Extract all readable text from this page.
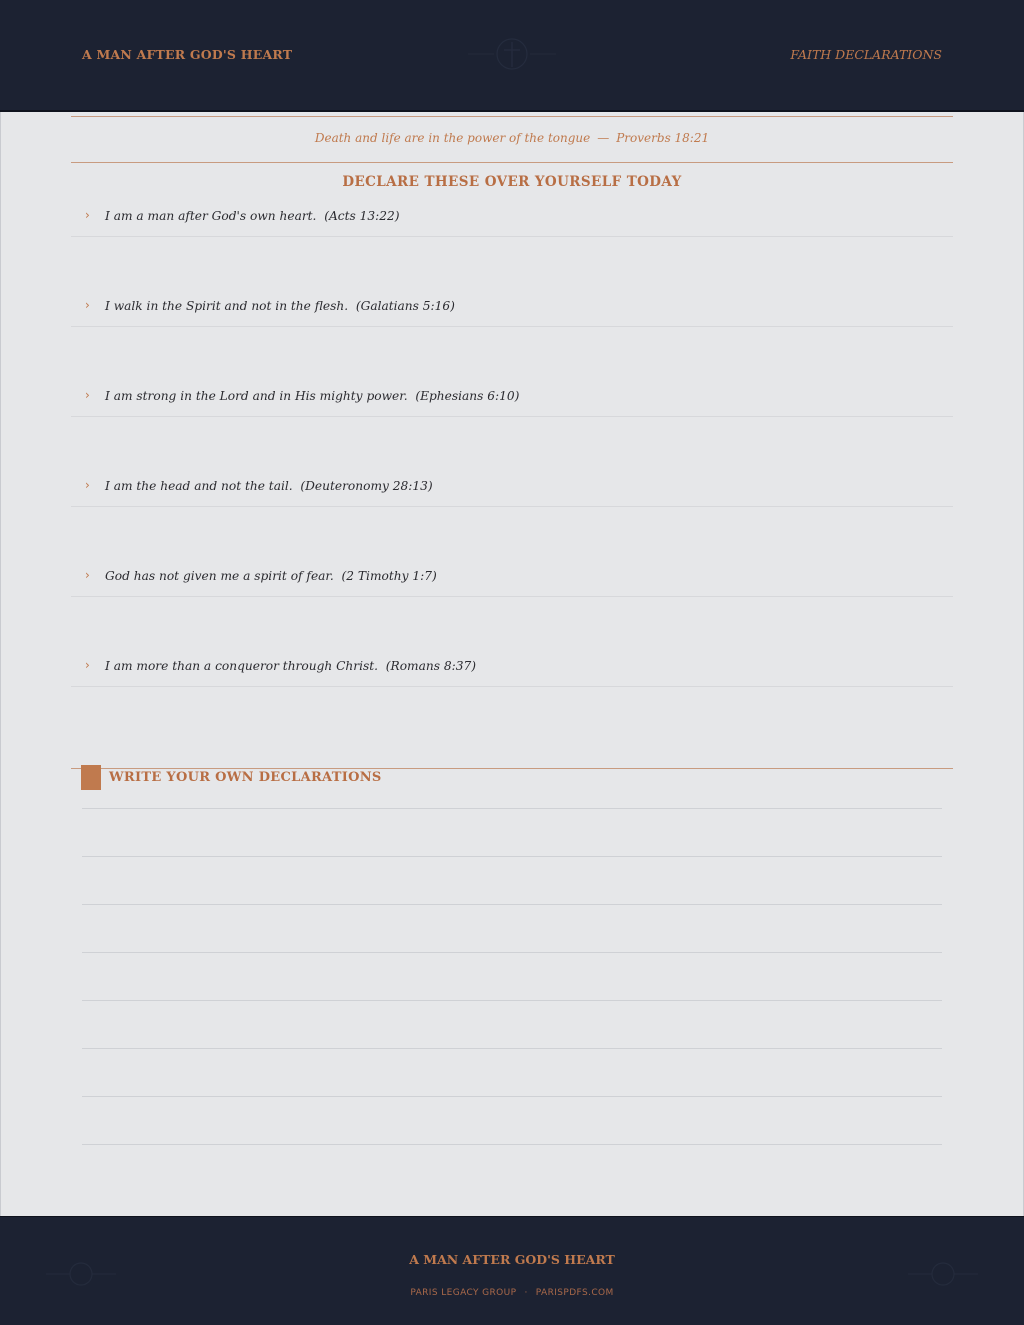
A MAN AFTER GOD'S HEART	FAITH DECLARATIONS
Death and life are in the power of the tongue — Proverbs 18:21
DECLARE THESE OVER YOURSELF TODAY
› I am a man after God's own heart. (Acts 13:22)
› I walk in the Spirit and not in the flesh. (Galatians 5:16)
› I am strong in the Lord and in His mighty power. (Ephesians 6:10)
› I am the head and not the tail. (Deuteronomy 28:13)
› God has not given me a spirit of fear. (2 Timothy 1:7)
› I am more than a conqueror through Christ. (Romans 8:37)
WRITE YOUR OWN DECLARATIONS
A MAN AFTER GOD'S HEART
PARIS LEGACY GROUP · PARISPDFS.COM
